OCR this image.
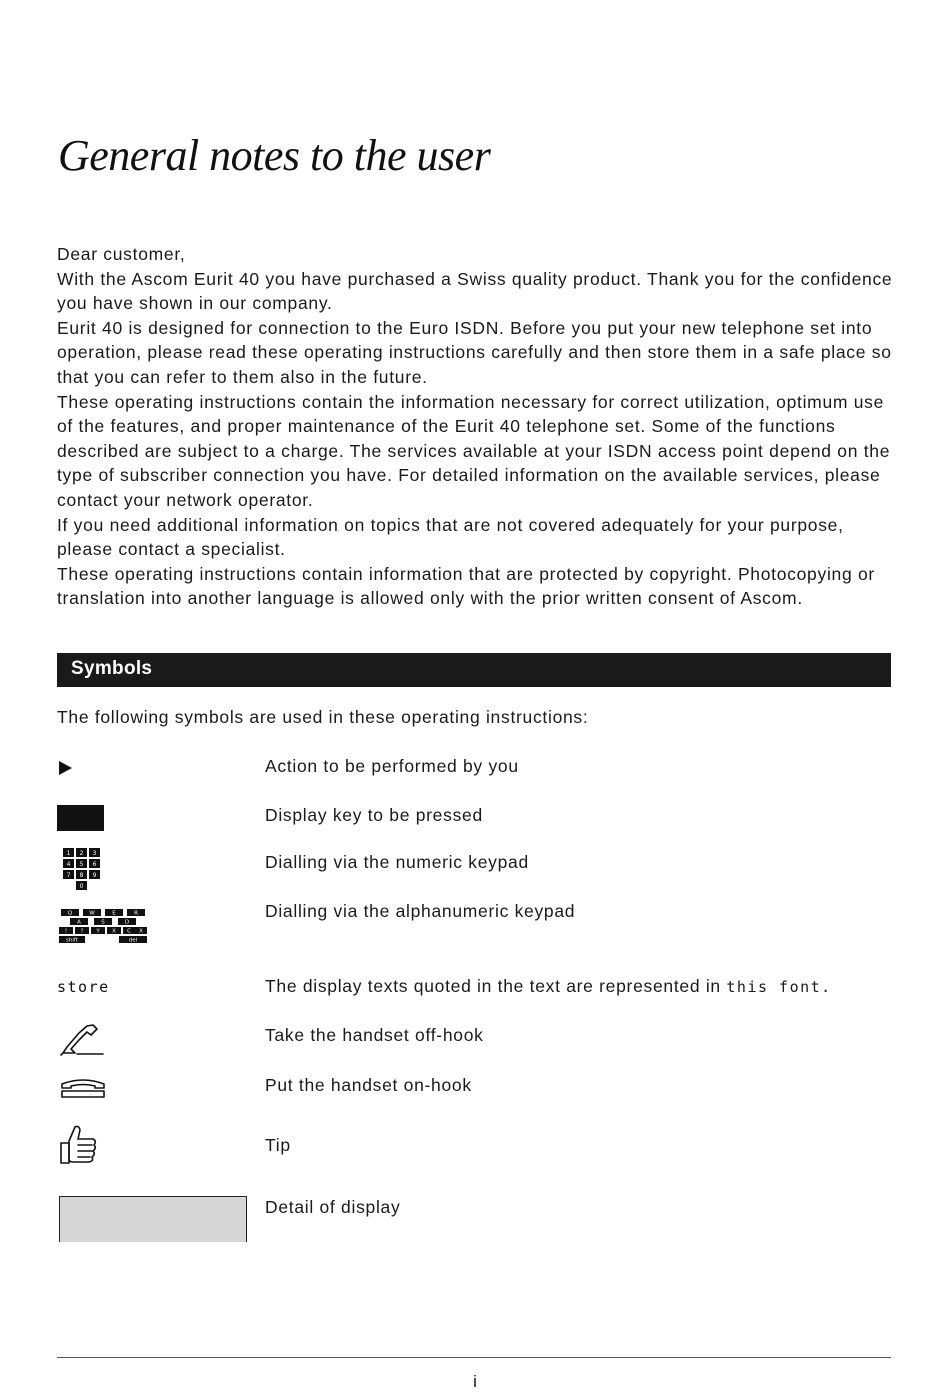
General notes to the user

Dear customer,

With the Ascom Eurit 40 you have purchased a Swiss quality product. Thank you for the confidence you have shown in our company.

Eurit 40 is designed for connection to the Euro ISDN. Before you put your new telephone set into operation, please read these operating instructions carefully and then store them in a safe place so that you can refer to them also in the future.

These operating instructions contain the information necessary for correct utilization, optimum use of the features, and proper maintenance of the Eurit 40 telephone set. Some of the functions described are subject to a charge. The services available at your ISDN access point depend on the type of subscriber connection you have. For detailed information on the available services, please contact your network operator.

If you need additional information on topics that are not covered adequately for your purpose, please contact a specialist.

These operating instructions contain information that are protected by copyright. Photocopying or translation into another language is allowed only with the prior written consent of Ascom.

Symbols
The following symbols are used in these operating instructions:
Action to be performed by you
Display key to be pressed
1 2 3
4 5 6
7 8 9
0
Dialling via the numeric keypad
Q	W	E	R
A	S	D
! ? Y X C X
shift	del
Dialling via the alphanumeric keypad
store	The display texts quoted in the text are represented in this font.
Take the handset off-hook
Put the handset on-hook
Tip
Detail of display
i
